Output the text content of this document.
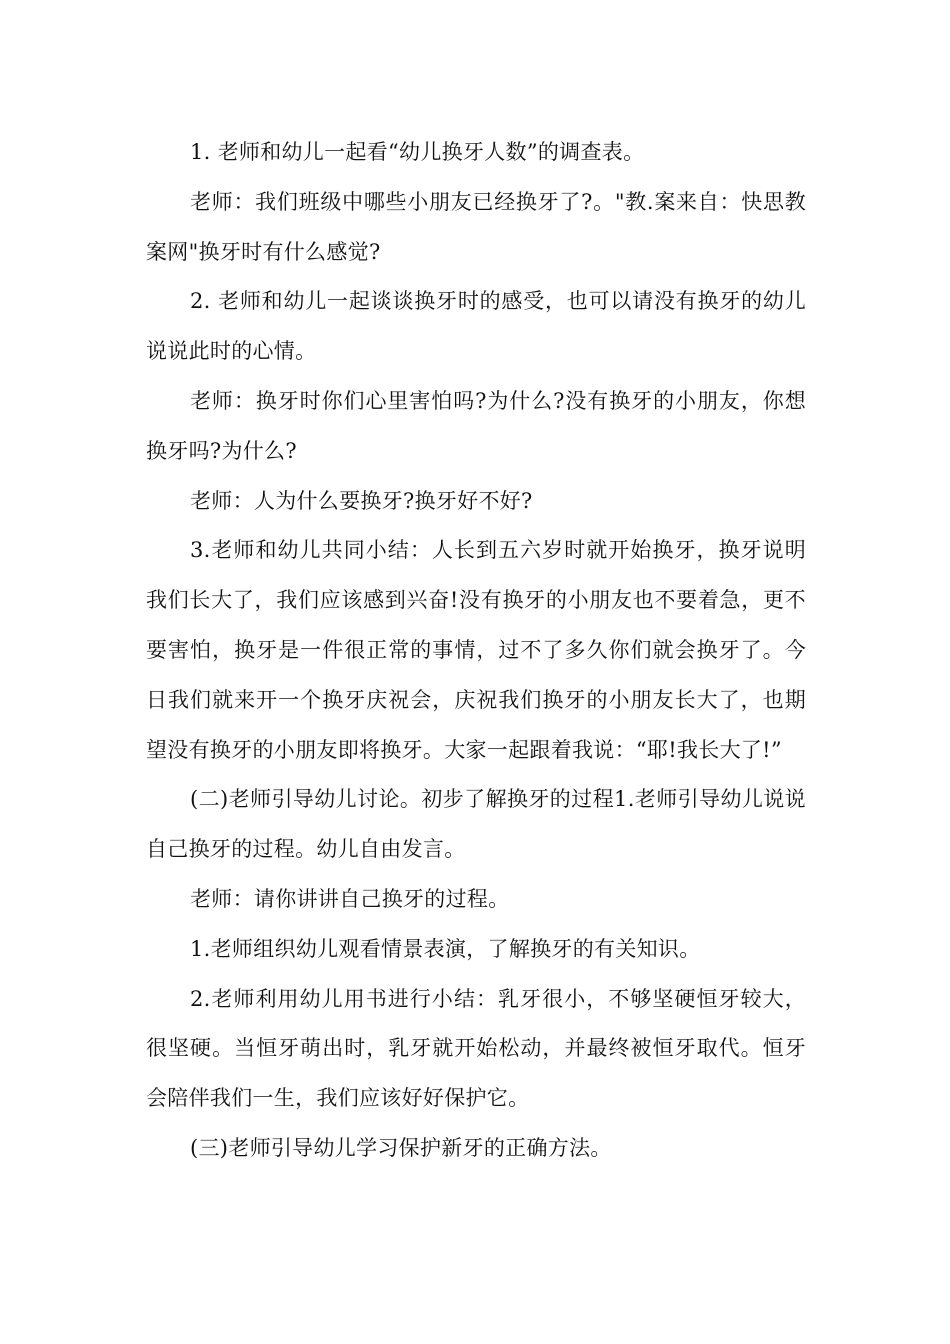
1. 老师和幼儿一起看“幼儿换牙人数”的调查表。

老师：我们班级中哪些小朋友已经换牙了?。"教.案来自：快思教案网"换牙时有什么感觉?

2. 老师和幼儿一起谈谈换牙时的感受，也可以请没有换牙的幼儿说说此时的心情。

老师：换牙时你们心里害怕吗?为什么?没有换牙的小朋友，你想换牙吗?为什么?

老师：人为什么要换牙?换牙好不好?

3.老师和幼儿共同小结：人长到五六岁时就开始换牙，换牙说明我们长大了，我们应该感到兴奋!没有换牙的小朋友也不要着急，更不要害怕，换牙是一件很正常的事情，过不了多久你们就会换牙了。今日我们就来开一个换牙庆祝会，庆祝我们换牙的小朋友长大了，也期望没有换牙的小朋友即将换牙。大家一起跟着我说：“耶!我长大了!”

(二)老师引导幼儿讨论。初步了解换牙的过程1.老师引导幼儿说说自己换牙的过程。幼儿自由发言。

老师：请你讲讲自己换牙的过程。

1.老师组织幼儿观看情景表演，了解换牙的有关知识。

2.老师利用幼儿用书进行小结：乳牙很小，不够坚硬恒牙较大，很坚硬。当恒牙萌出时，乳牙就开始松动，并最终被恒牙取代。恒牙会陪伴我们一生，我们应该好好保护它。

(三)老师引导幼儿学习保护新牙的正确方法。
